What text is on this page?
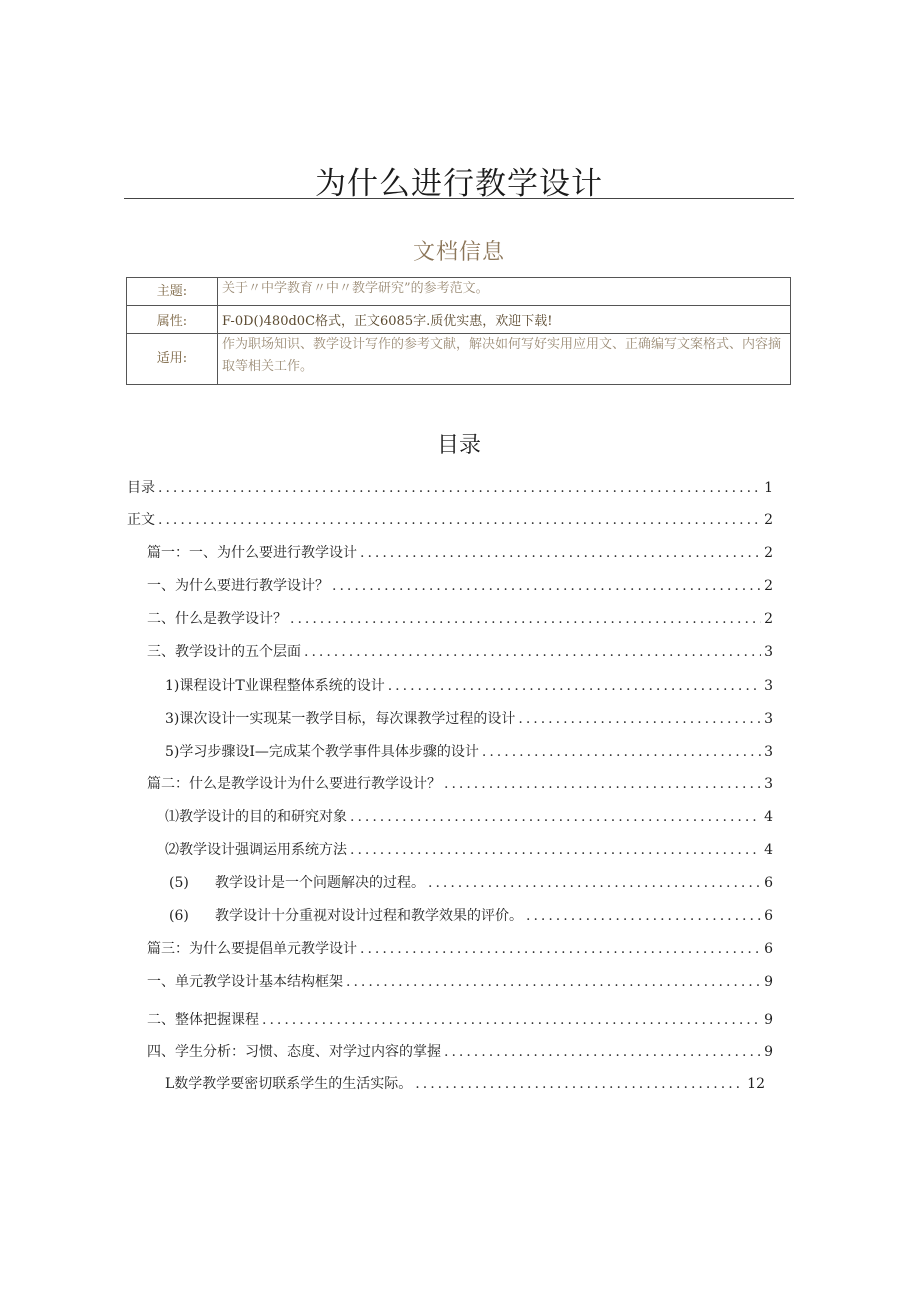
为什么进行教学设计
文档信息
主题:	关于〃中学教育〃中〃教学研究”的参考范文。
属性:	F-0D()480d0C格式，正文6085字.质优实惠，欢迎下载!
适用:	作为职场知识、教学设计写作的参考文献，解决如何写好实用应用文、正确编写文案格式、内容摘取等相关工作。
目录
目录 .....	1
正文 .....	2
篇一：一、为什么要进行教学设计 .....	2
一、为什么要进行教学设计？ .....	2
二、什么是教学设计？ .....	2
三、教学设计的五个层面 .....	3
1)课程设计T业课程整体系统的设计 .....	3
3)课次设计一实现某一教学目标，每次课教学过程的设计 .....	3
5)学习步骤设I—完成某个教学事件具体步骤的设计 .....	3
篇二：什么是教学设计为什么要进行教学设计？ .....	3
⑴教学设计的目的和研究对象 .....	4
⑵教学设计强调运用系统方法 .....	4
(5) 教学设计是一个问题解决的过程。 .....	6
(6) 教学设计十分重视对设计过程和教学效果的评价。 .....	6
篇三：为什么要提倡单元教学设计 .....	6
一、单元教学设计基本结构框架 .....	9
二、整体把握课程 .....	9
四、学生分析：习惯、态度、对学过内容的掌握 .....	9
L数学教学要密切联系学生的生活实际。 .....	12
